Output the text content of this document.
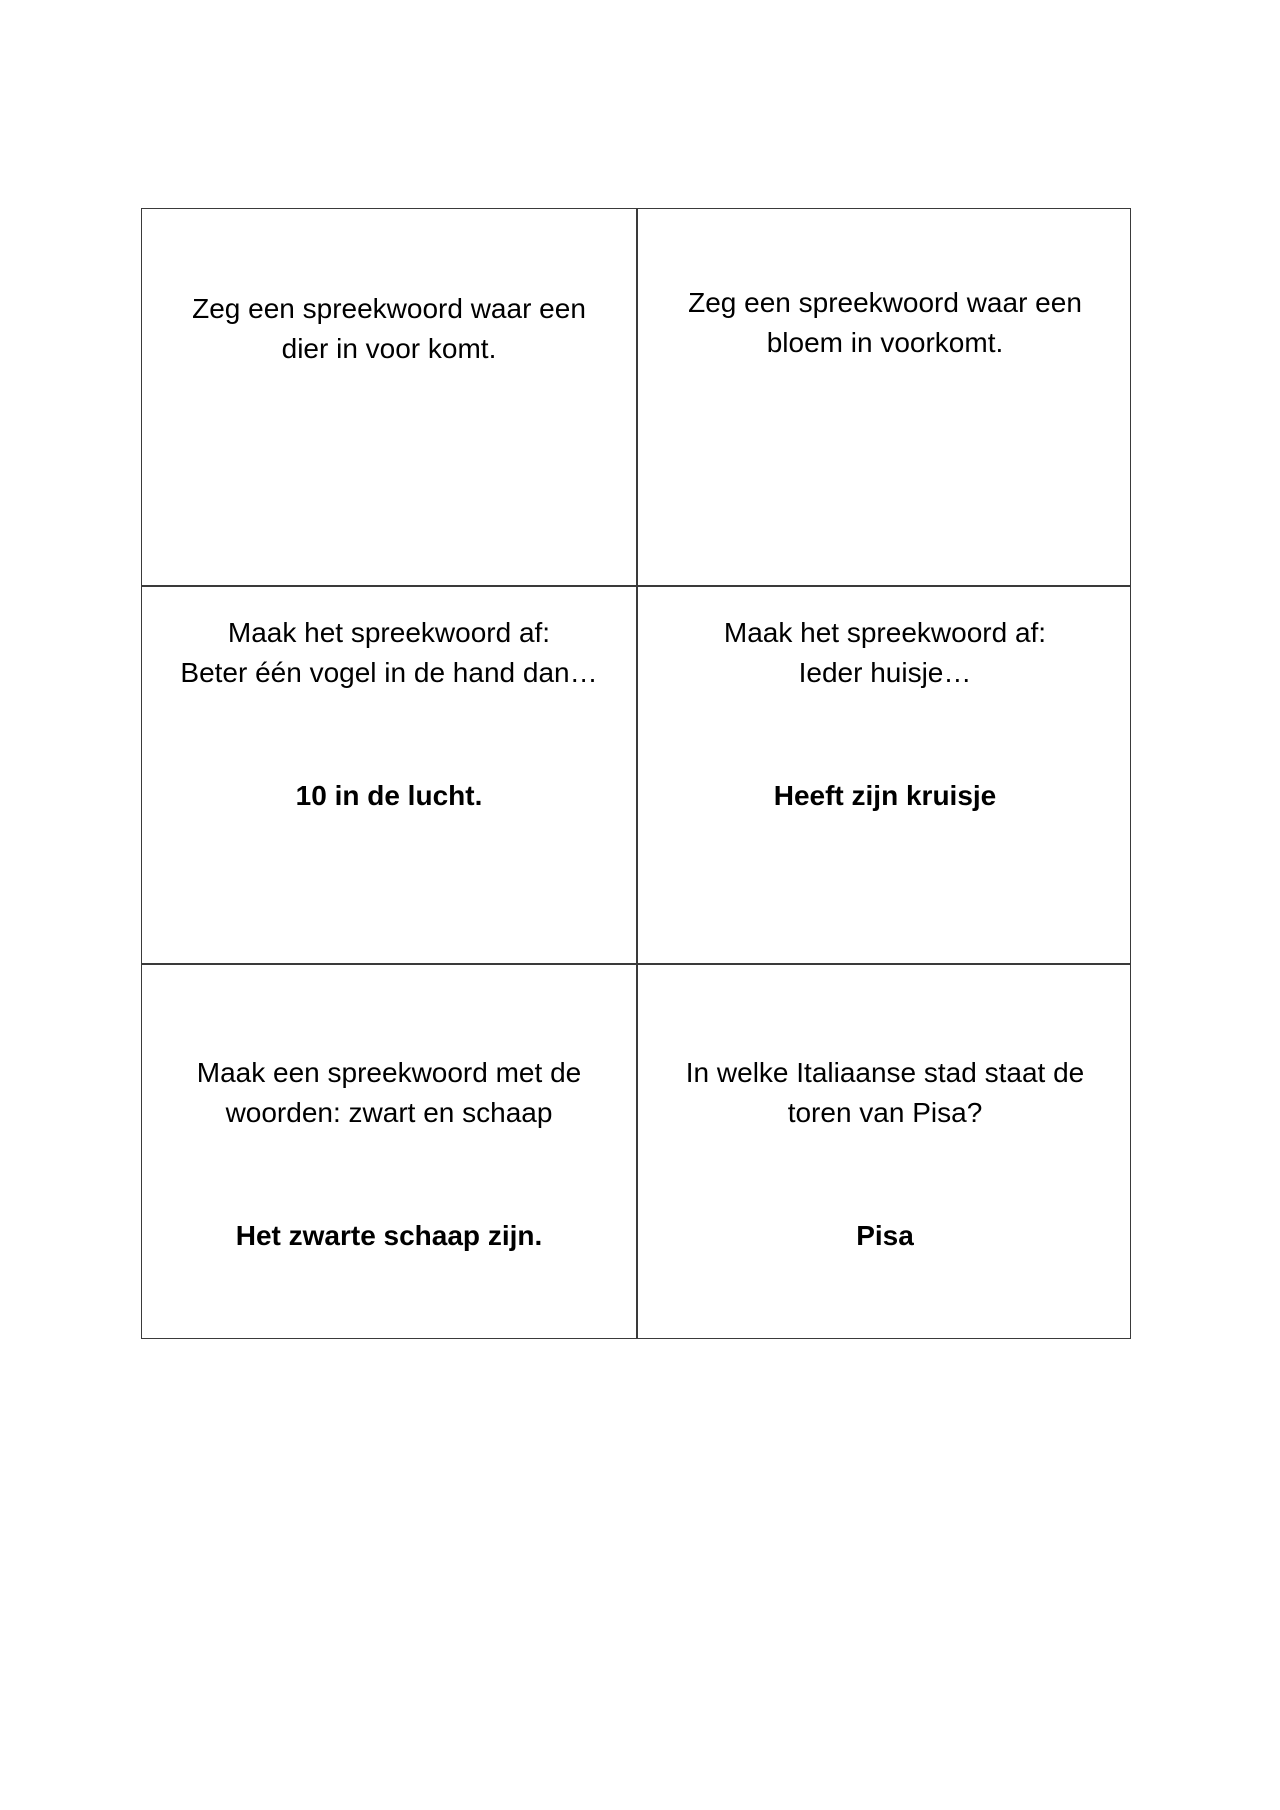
Zeg een spreekwoord waar een
dier in voor komt.
Zeg een spreekwoord waar een
bloem in voorkomt.
Maak het spreekwoord af:
Beter één vogel in de hand dan…
10 in de lucht.
Maak het spreekwoord af:
Ieder huisje…
Heeft zijn kruisje
Maak een spreekwoord met de
woorden: zwart en schaap
Het zwarte schaap zijn.
In welke Italiaanse stad staat de
toren van Pisa?
Pisa
